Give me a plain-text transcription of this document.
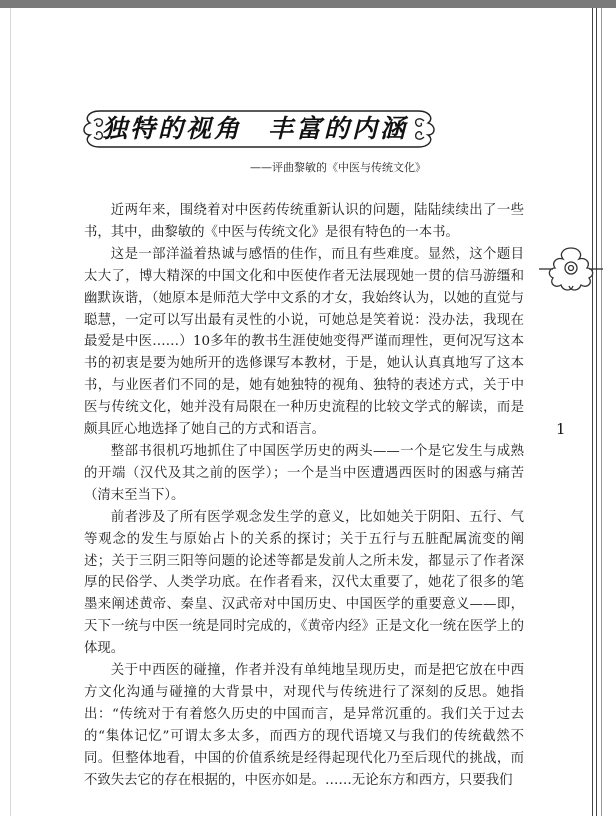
独特的视角 丰富的内涵
——评曲黎敏的《中医与传统文化》

近两年来，围绕着对中医药传统重新认识的问题，陆陆续续出了一些书，其中，曲黎敏的《中医与传统文化》是很有特色的一本书。

这是一部洋溢着热诚与感悟的佳作，而且有些难度。显然，这个题目太大了，博大精深的中国文化和中医使作者无法展现她一贯的信马游缰和幽默诙谐，（她原本是师范大学中文系的才女，我始终认为，以她的直觉与聪慧，一定可以写出最有灵性的小说，可她总是笑着说：没办法，我现在最爱是中医……）10多年的教书生涯使她变得严谨而理性，更何况写这本书的初衷是要为她所开的选修课写本教材，于是，她认认真真地写了这本书，与业医者们不同的是，她有她独特的视角、独特的表述方式，关于中医与传统文化，她并没有局限在一种历史流程的比较文学式的解读，而是颇具匠心地选择了她自己的方式和语言。

整部书很机巧地抓住了中国医学历史的两头——一个是它发生与成熟的开端（汉代及其之前的医学）；一个是当中医遭遇西医时的困惑与痛苦（清末至当下）。

前者涉及了所有医学观念发生学的意义，比如她关于阴阳、五行、气等观念的发生与原始占卜的关系的探讨；关于五行与五脏配属流变的阐述；关于三阴三阳等问题的论述等都是发前人之所未发，都显示了作者深厚的民俗学、人类学功底。在作者看来，汉代太重要了，她花了很多的笔墨来阐述黄帝、秦皇、汉武帝对中国历史、中国医学的重要意义——即，天下一统与中医一统是同时完成的，《黄帝内经》正是文化一统在医学上的体现。

关于中西医的碰撞，作者并没有单纯地呈现历史，而是把它放在中西方文化沟通与碰撞的大背景中，对现代与传统进行了深刻的反思。她指出：“传统对于有着悠久历史的中国而言，是异常沉重的。我们关于过去的“集体记忆”可谓太多太多，而西方的现代语境又与我们的传统截然不同。但整体地看，中国的价值系统是经得起现代化乃至后现代的挑战，而不致失去它的存在根据的，中医亦如是。……无论东方和西方，只要我们

1
